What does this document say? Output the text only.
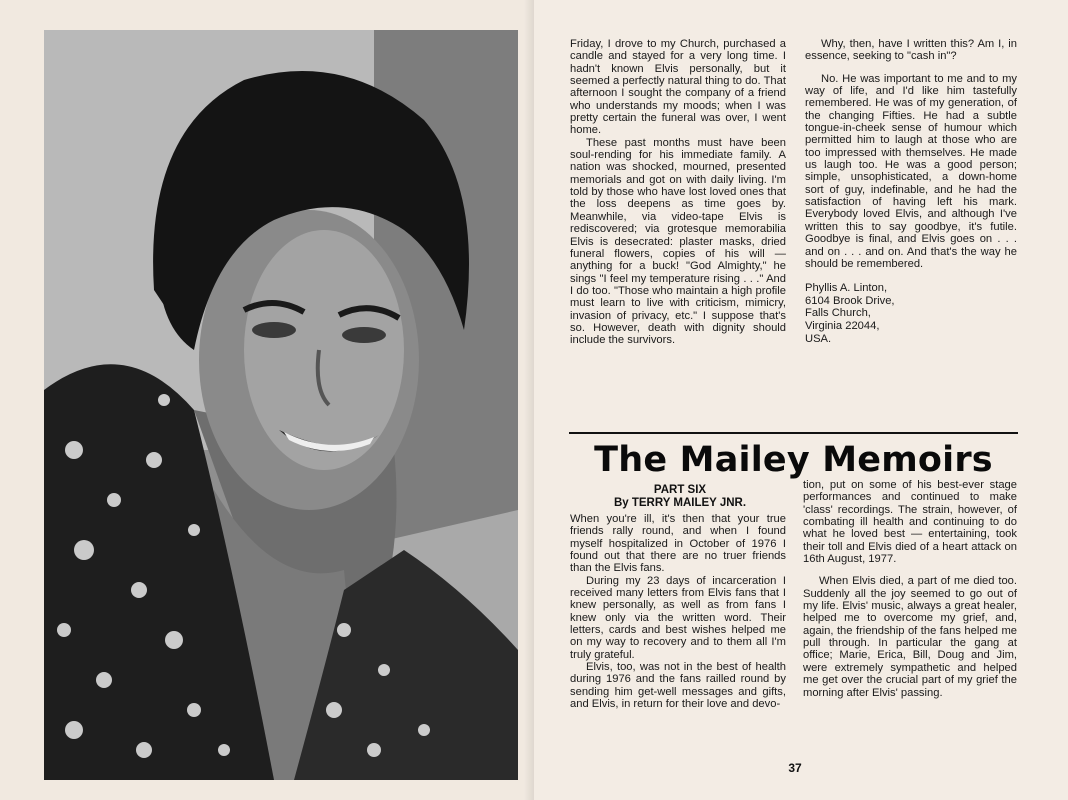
Friday, I drove to my Church, purchased a candle and stayed for a very long time. I hadn't known Elvis personally, but it seemed a perfectly natural thing to do. That afternoon I sought the company of a friend who understands my moods; when I was pretty certain the funeral was over, I went home.

These past months must have been soul-rending for his immediate family. A nation was shocked, mourned, presented memorials and got on with daily living. I'm told by those who have lost loved ones that the loss deepens as time goes by. Meanwhile, via video-tape Elvis is rediscovered; via grotesque memorabilia Elvis is desecrated: plaster masks, dried funeral flowers, copies of his will — anything for a buck! "God Almighty," he sings "I feel my temperature rising . . ." And I do too. "Those who maintain a high profile must learn to live with criticism, mimicry, invasion of privacy, etc." I suppose that's so. However, death with dignity should include the survivors.

Why, then, have I written this? Am I, in essence, seeking to "cash in"?

No. He was important to me and to my way of life, and I'd like him tastefully remembered. He was of my generation, of the changing Fifties. He had a subtle tongue-in-cheek sense of humour which permitted him to laugh at those who are too impressed with themselves. He made us laugh too. He was a good person; simple, unsophisticated, a down-home sort of guy, indefinable, and he had the satisfaction of having left his mark. Everybody loved Elvis, and although I've written this to say goodbye, it's futile. Goodbye is final, and Elvis goes on . . . and on . . . and on. And that's the way he should be remembered.

Phyllis A. Linton,
6104 Brook Drive,
Falls Church,
Virginia 22044,
USA.
The Mailey Memoirs
PART SIX
By TERRY MAILEY JNR.

When you're ill, it's then that your true friends rally round, and when I found myself hospitalized in October of 1976 I found out that there are no truer friends than the Elvis fans.

During my 23 days of incarceration I received many letters from Elvis fans that I knew personally, as well as from fans I knew only via the written word. Their letters, cards and best wishes helped me on my way to recovery and to them all I'm truly grateful.

Elvis, too, was not in the best of health during 1976 and the fans railled round by sending him get-well messages and gifts, and Elvis, in return for their love and devo-

tion, put on some of his best-ever stage performances and continued to make 'class' recordings. The strain, however, of combating ill health and continuing to do what he loved best — entertaining, took their toll and Elvis died of a heart attack on 16th August, 1977.

When Elvis died, a part of me died too. Suddenly all the joy seemed to go out of my life. Elvis' music, always a great healer, helped me to overcome my grief, and, again, the friendship of the fans helped me pull through. In particular the gang at office; Marie, Erica, Bill, Doug and Jim, were extremely sympathetic and helped me get over the crucial part of my grief the morning after Elvis' passing.

37
